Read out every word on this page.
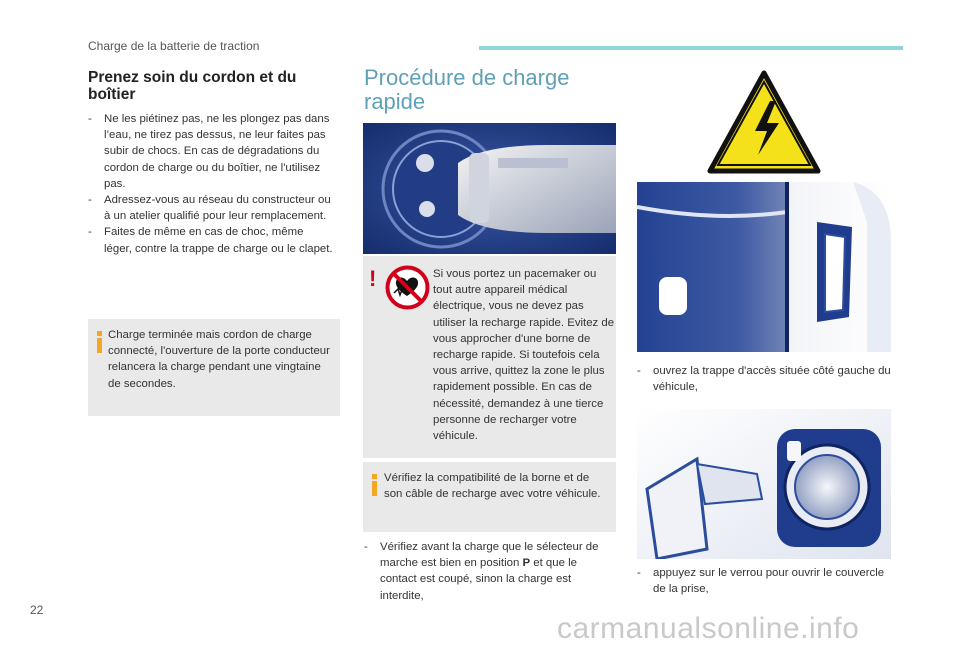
Charge de la batterie de traction
Prenez soin du cordon et du boîtier
- Ne les piétinez pas, ne les plongez pas dans l’eau, ne tirez pas dessus, ne leur faites pas subir de chocs. En cas de dégradations du cordon de charge ou du boîtier, ne l'utilisez pas.
- Adressez-vous au réseau du constructeur ou à un atelier qualifié pour leur remplacement.
- Faites de même en cas de choc, même léger, contre la trappe de charge ou le clapet.
Charge terminée mais cordon de charge connecté, l'ouverture de la porte conducteur relancera la charge pendant une vingtaine de secondes.
Procédure de charge rapide
!	Si vous portez un pacemaker ou tout autre appareil médical électrique, vous ne devez pas utiliser la recharge rapide. Evitez de vous approcher d'une borne de recharge rapide. Si toutefois cela vous arrive, quittez la zone le plus rapidement possible. En cas de nécessité, demandez à une tierce personne de recharger votre véhicule.
Vérifiez la compatibilité de la borne et de son câble de recharge avec votre véhicule.
- Vérifiez avant la charge que le sélecteur de marche est bien en position P et que le contact est coupé, sinon la charge est interdite,
- ouvrez la trappe d'accès située côté gauche du véhicule,
- appuyez sur le verrou pour ouvrir le couvercle de la prise,
22
carmanualsonline.info
